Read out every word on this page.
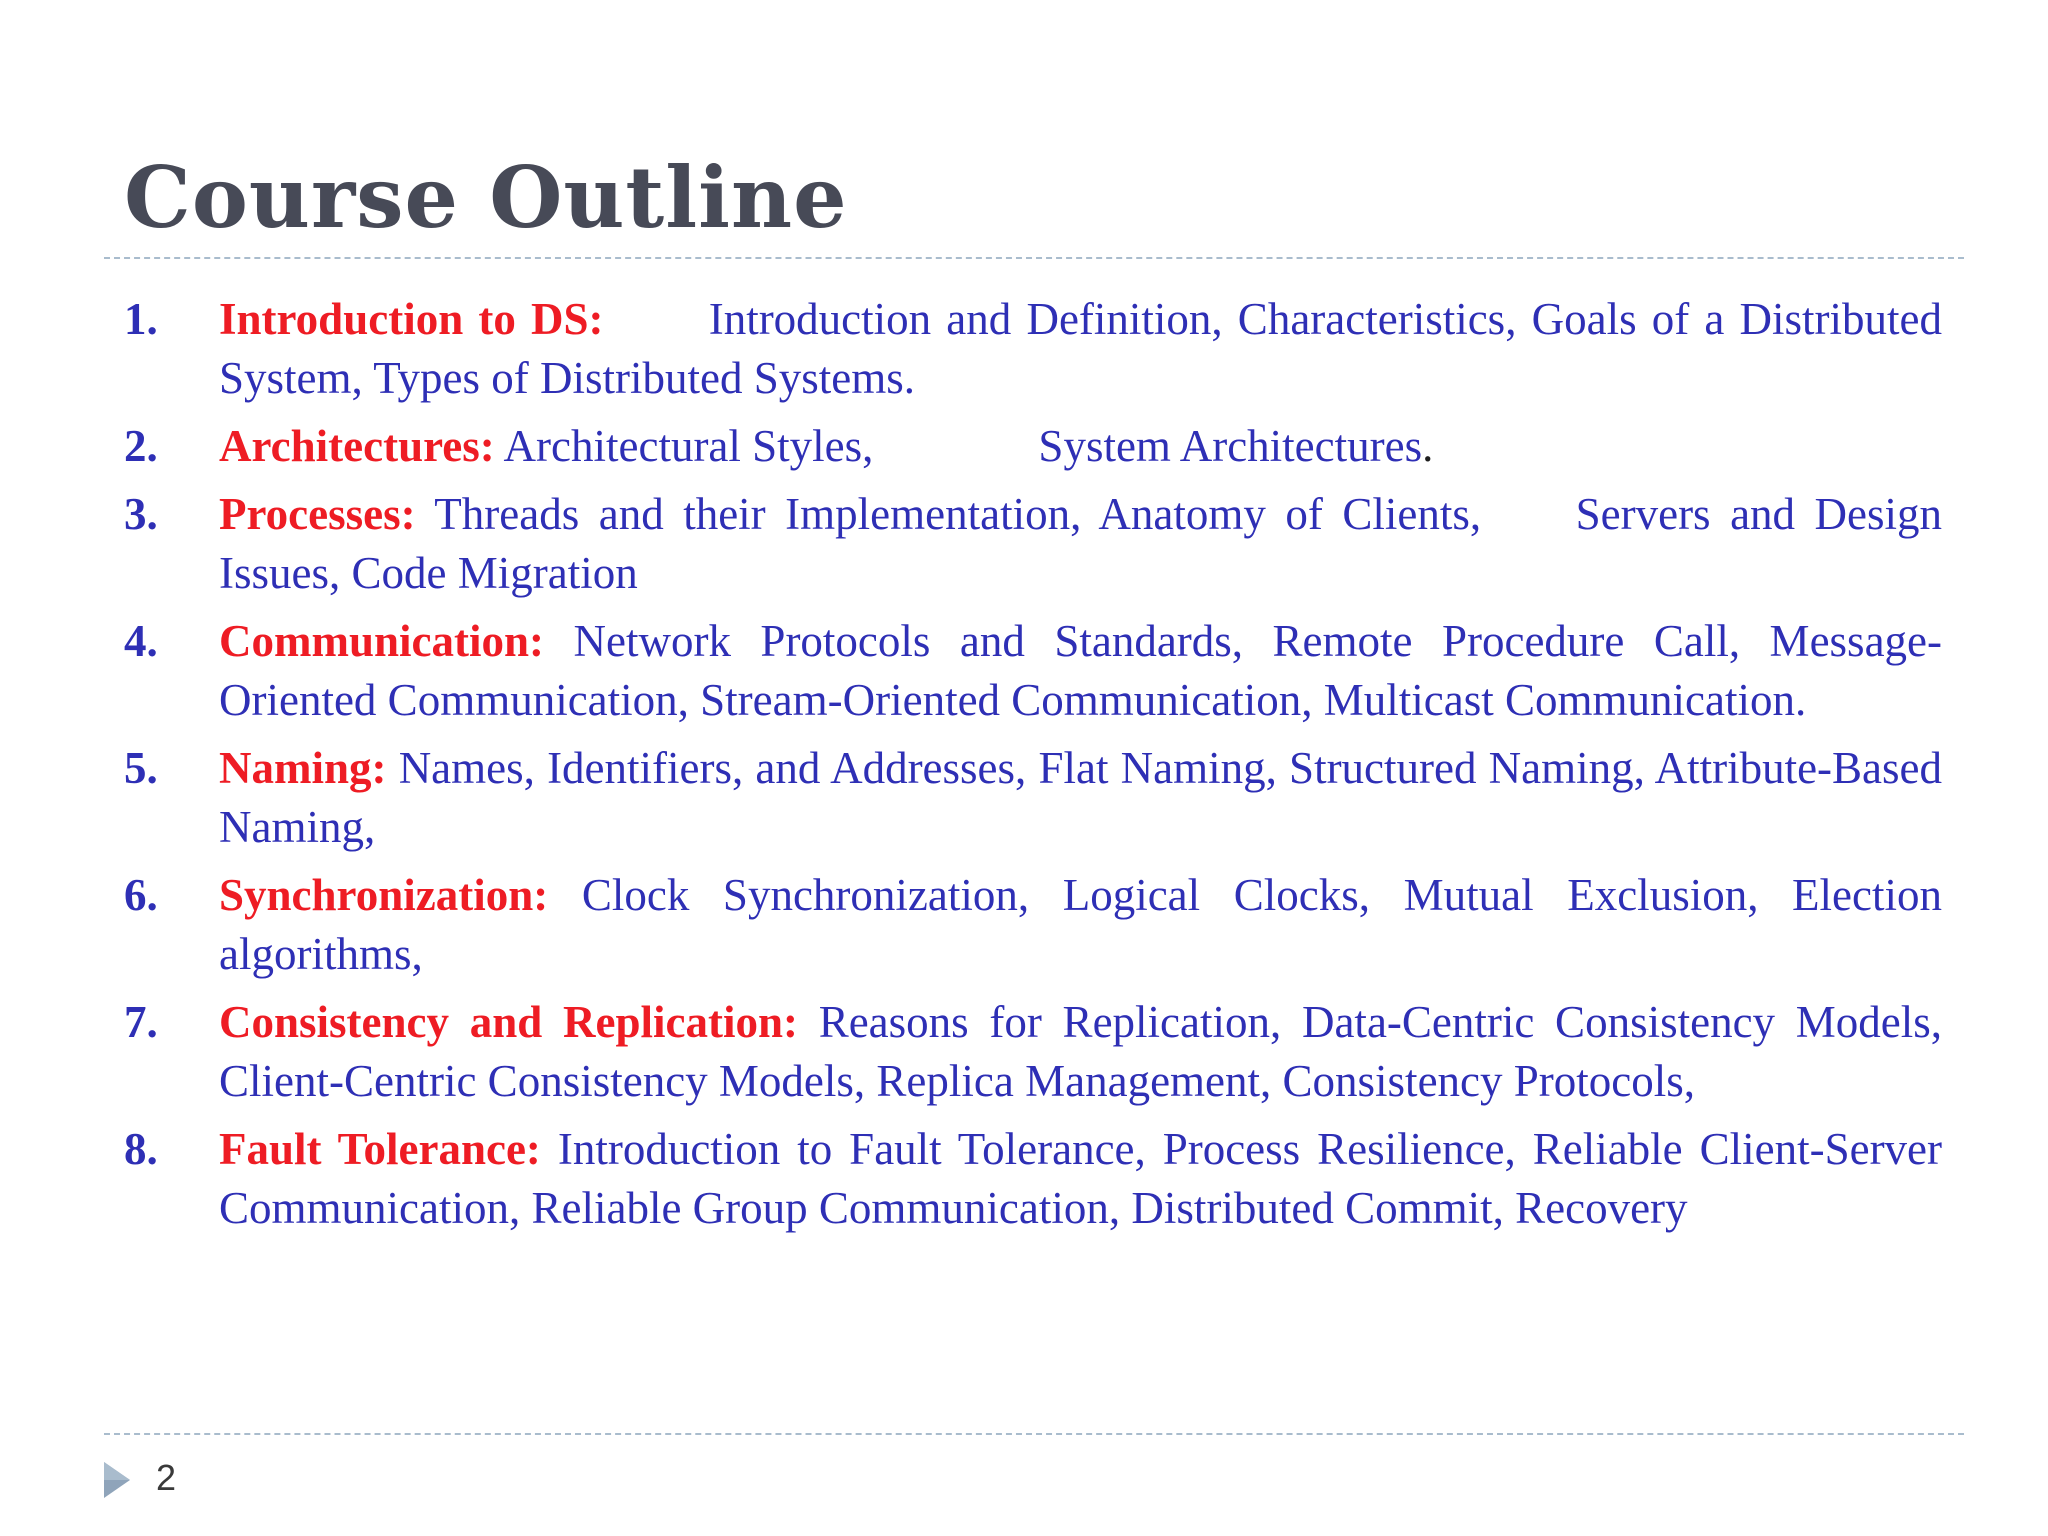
Course Outline
1.	Introduction to DS: Introduction and Definition, Characteristics, Goals of a Distributed System, Types of Distributed Systems.
2.	Architectures: Architectural Styles,	System Architectures.
3.	Processes: Threads and their Implementation, Anatomy of Clients, Servers and Design Issues, Code Migration
4.	Communication: Network Protocols and Standards, Remote Procedure Call, Message-Oriented Communication, Stream-Oriented Communication, Multicast Communication.
5.	Naming: Names, Identifiers, and Addresses, Flat Naming, Structured Naming, Attribute-Based Naming,
6.	Synchronization: Clock Synchronization, Logical Clocks, Mutual Exclusion, Election algorithms,
7.	Consistency and Replication: Reasons for Replication, Data-Centric Consistency Models, Client-Centric Consistency Models, Replica Management, Consistency Protocols,
8.	Fault Tolerance: Introduction to Fault Tolerance, Process Resilience, Reliable Client-Server Communication, Reliable Group Communication, Distributed Commit, Recovery
2
